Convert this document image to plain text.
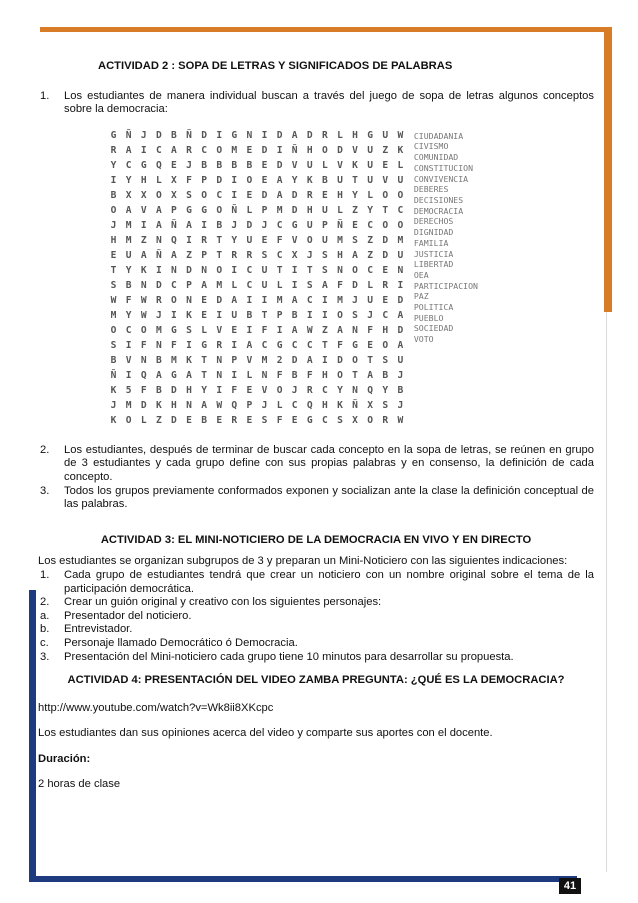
ACTIVIDAD 2 : SOPA DE LETRAS Y SIGNIFICADOS DE PALABRAS

1.	Los estudiantes de manera individual buscan a través del juego de sopa de letras algunos conceptos sobre la democracia:
G Ñ J D B Ñ D I G N I D A D R L H G U W
R A I C A R C O M E D I Ñ H O D V U Z K
Y C G Q E J B B B B E D V U L V K U E L
I Y H L X F P D I O E A Y K B U T U V U
B X X O X S O C I E D A D R E H Y L O O
O A V A P G G O Ñ L P M D H U L Z Y T C
J M I A Ñ A I B J D J C G U P Ñ E C O O
H M Z N Q I R T Y U E F V O U M S Z D M
E U A Ñ A Z P T R R S C X J S H A Z D U
T Y K I N D N O I C U T I T S N O C E N
S B N D C P A M L C U L I S A F D L R I
W F W R O N E D A I I M A C I M J U E D
M Y W J I K E I U B T P B I I O S J C A
O C O M G S L V E I F I A W Z A N F H D
S I F N F I G R I A C G C C T F G E O A
B V N B M K T N P V M 2 D A I D O T S U
Ñ I Q A G A T N I L N F B F H O T A B J
K 5 F B D H Y I F E V O J R C Y N Q Y B
J M D K H N A W Q P J L C Q H K Ñ X S J
K O L Z D E B E R E S F E G C S X O R W
CIUDADANIA
CIVISMO
COMUNIDAD
CONSTITUCION
CONVIVENCIA
DEBERES
DECISIONES
DEMOCRACIA
DERECHOS
DIGNIDAD
FAMILIA
JUSTICIA
LIBERTAD
OEA
PARTICIPACION
PAZ
POLITICA
PUEBLO
SOCIEDAD
VOTO
2.	Los estudiantes, después de terminar de buscar cada concepto en la sopa de letras, se reúnen en grupo de 3 estudiantes y cada grupo define con sus propias palabras y en consenso, la definición de cada concepto.
3.	Todos los grupos previamente conformados exponen y socializan ante la clase la definición conceptual de las palabras.

ACTIVIDAD 3: EL MINI-NOTICIERO DE LA DEMOCRACIA EN VIVO Y EN DIRECTO

Los estudiantes se organizan subgrupos de 3 y preparan un Mini-Noticiero con las siguientes indicaciones:

1.	Cada grupo de estudiantes tendrá que crear un noticiero con un nombre original sobre el tema de la participación democrática.
2.	Crear un guión original y creativo con los siguientes personajes:
a.	Presentador del noticiero.
b.	Entrevistador.
c.	Personaje llamado Democrático ó Democracia.
3.	Presentación del Mini-noticiero cada grupo tiene 10 minutos para desarrollar su propuesta.

ACTIVIDAD 4: PRESENTACIÓN DEL VIDEO ZAMBA PREGUNTA: ¿QUÉ ES LA DEMOCRACIA?

http://www.youtube.com/watch?v=Wk8ii8XKcpc

Los estudiantes dan sus opiniones acerca del video y comparte sus aportes con el docente.

Duración:

2 horas de clase

41
